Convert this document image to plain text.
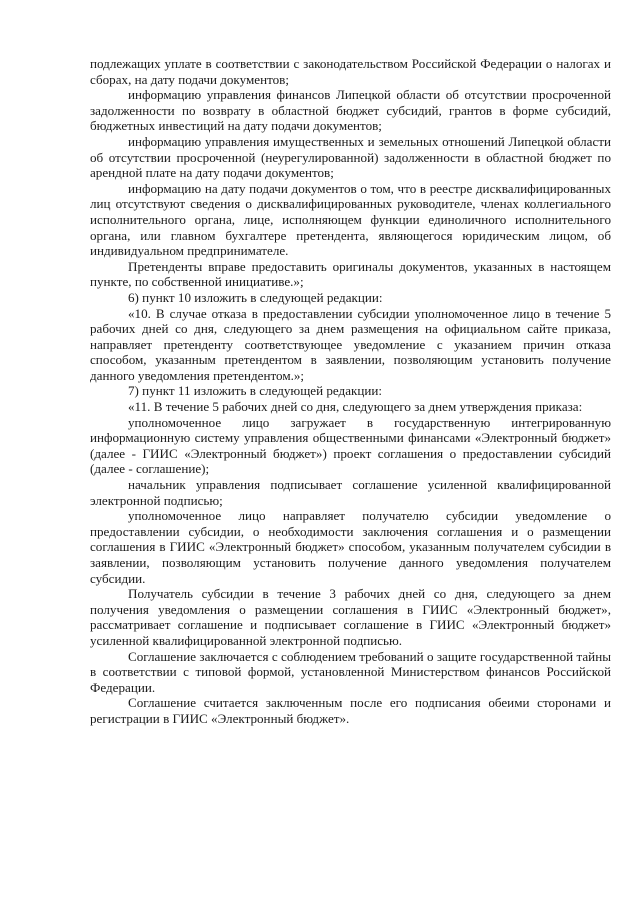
подлежащих уплате в соответствии с законодательством Российской Федерации о налогах и сборах, на дату подачи документов;

информацию управления финансов Липецкой области об отсутствии просроченной задолженности по возврату в областной бюджет субсидий, грантов в форме субсидий, бюджетных инвестиций на дату подачи документов;

информацию управления имущественных и земельных отношений Липецкой области об отсутствии просроченной (неурегулированной) задолженности в областной бюджет по арендной плате на дату подачи документов;

информацию на дату подачи документов о том, что в реестре дисквалифицированных лиц отсутствуют сведения о дисквалифицированных руководителе, членах коллегиального исполнительного органа, лице, исполняющем функции единоличного исполнительного органа, или главном бухгалтере претендента, являющегося юридическим лицом, об индивидуальном предпринимателе.

Претенденты вправе предоставить оригиналы документов, указанных в настоящем пункте, по собственной инициативе.»;

6) пункт 10 изложить в следующей редакции:

«10. В случае отказа в предоставлении субсидии уполномоченное лицо в течение 5 рабочих дней со дня, следующего за днем размещения на официальном сайте приказа, направляет претенденту соответствующее уведомление с указанием причин отказа способом, указанным претендентом в заявлении, позволяющим установить получение данного уведомления претендентом.»;

7) пункт 11 изложить в следующей редакции:

«11. В течение 5 рабочих дней со дня, следующего за днем утверждения приказа:

уполномоченное лицо загружает в государственную интегрированную информационную систему управления общественными финансами «Электронный бюджет» (далее - ГИИС «Электронный бюджет») проект соглашения о предоставлении субсидий (далее - соглашение);

начальник управления подписывает соглашение усиленной квалифицированной электронной подписью;

уполномоченное лицо направляет получателю субсидии уведомление о предоставлении субсидии, о необходимости заключения соглашения и о размещении соглашения в ГИИС «Электронный бюджет» способом, указанным получателем субсидии в заявлении, позволяющим установить получение данного уведомления получателем субсидии.

Получатель субсидии в течение 3 рабочих дней со дня, следующего за днем получения уведомления о размещении соглашения в ГИИС «Электронный бюджет», рассматривает соглашение и подписывает соглашение в ГИИС «Электронный бюджет» усиленной квалифицированной электронной подписью.

Соглашение заключается с соблюдением требований о защите государственной тайны в соответствии с типовой формой, установленной Министерством финансов Российской Федерации.

Соглашение считается заключенным после его подписания обеими сторонами и регистрации в ГИИС «Электронный бюджет».
